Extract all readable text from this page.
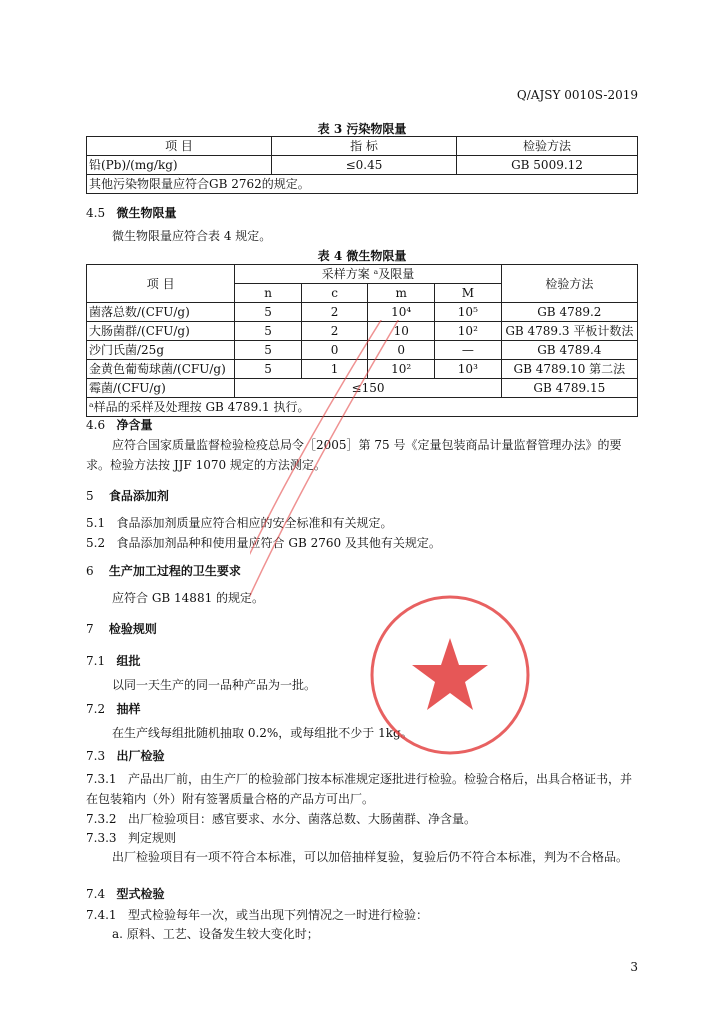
Q/AJSY 0010S-2019
表 3 污染物限量
项 目	指 标	检验方法
铅(Pb)/(mg/kg)	≤0.45	GB 5009.12
其他污染物限量应符合GB 2762的规定。		
4.5 微生物限量
微生物限量应符合表 4 规定。
表 4 微生物限量
项 目	采样方案 ᵃ及限量				检验方法
	n	c	m	M	
菌落总数/(CFU/g)	5	2	10⁴	10⁵	GB 4789.2
大肠菌群/(CFU/g)	5	2	10	10²	GB 4789.3 平板计数法
沙门氏菌/25g	5	0	0	—	GB 4789.4
金黄色葡萄球菌/(CFU/g)	5	1	10²	10³	GB 4789.10 第二法
霉菌/(CFU/g)	≤150				GB 4789.15
ᵃ样品的采样及处理按 GB 4789.1 执行。					
4.6 净含量
应符合国家质量监督检验检疫总局令［2005］第 75 号《定量包装商品计量监督管理办法》的要求。检验方法按 JJF 1070 规定的方法测定。
5 食品添加剂
5.1 食品添加剂质量应符合相应的安全标准和有关规定。
5.2 食品添加剂品种和使用量应符合 GB 2760 及其他有关规定。
6 生产加工过程的卫生要求
应符合 GB 14881 的规定。
7 检验规则
7.1 组批
以同一天生产的同一品种产品为一批。
7.2 抽样
在生产线每组批随机抽取 0.2%，或每组批不少于 1kg。
7.3 出厂检验
7.3.1 产品出厂前，由生产厂的检验部门按本标准规定逐批进行检验。检验合格后，出具合格证书，并在包装箱内（外）附有签署质量合格的产品方可出厂。
7.3.2 出厂检验项目：感官要求、水分、菌落总数、大肠菌群、净含量。
7.3.3 判定规则
出厂检验项目有一项不符合本标准，可以加倍抽样复验，复验后仍不符合本标准，判为不合格品。
7.4 型式检验
7.4.1 型式检验每年一次，或当出现下列情况之一时进行检验：
a. 原料、工艺、设备发生较大变化时；
3
